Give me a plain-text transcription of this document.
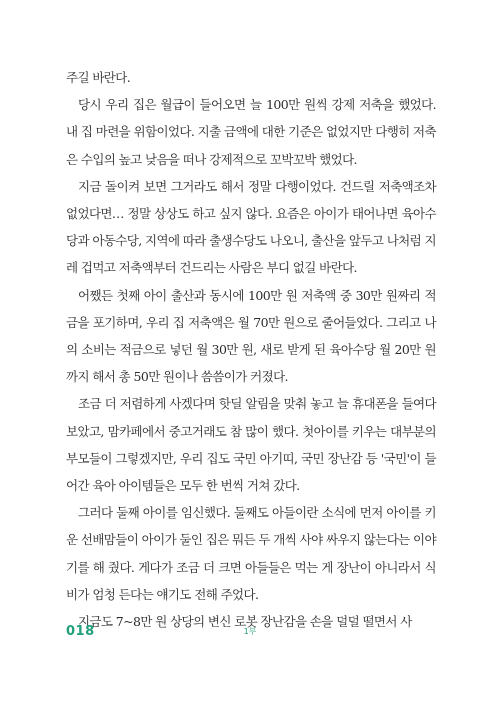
주길 바란다.

당시 우리 집은 월급이 들어오면 늘 100만 원씩 강제 저축을 했었다. 내 집 마련을 위함이었다. 지출 금액에 대한 기준은 없었지만 다행히 저축은 수입의 높고 낮음을 떠나 강제적으로 꼬박꼬박 했었다.

지금 돌이켜 보면 그거라도 해서 정말 다행이었다. 건드릴 저축액조차 없었다면… 정말 상상도 하고 싶지 않다. 요즘은 아이가 태어나면 육아수당과 아동수당, 지역에 따라 출생수당도 나오니, 출산을 앞두고 나처럼 지레 겁먹고 저축액부터 건드리는 사람은 부디 없길 바란다.

어쨌든 첫째 아이 출산과 동시에 100만 원 저축액 중 30만 원짜리 적금을 포기하며, 우리 집 저축액은 월 70만 원으로 줄어들었다. 그리고 나의 소비는 적금으로 넣던 월 30만 원, 새로 받게 된 육아수당 월 20만 원까지 해서 총 50만 원이나 씀씀이가 커졌다.

조금 더 저렴하게 사겠다며 핫딜 알림을 맞춰 놓고 늘 휴대폰을 들여다보았고, 맘카페에서 중고거래도 참 많이 했다. 첫아이를 키우는 대부분의 부모들이 그렇겠지만, 우리 집도 국민 아기띠, 국민 장난감 등 '국민'이 들어간 육아 아이템들은 모두 한 번씩 거쳐 갔다.

그러다 둘째 아이를 임신했다. 둘째도 아들이란 소식에 먼저 아이를 키운 선배맘들이 아이가 둘인 집은 뭐든 두 개씩 사야 싸우지 않는다는 이야기를 해 줬다. 게다가 조금 더 크면 아들들은 먹는 게 장난이 아니라서 식비가 엄청 든다는 얘기도 전해 주었다.

지금도 7~8만 원 상당의 변신 로봇 장난감을 손을 덜덜 떨면서 사

018	1부
